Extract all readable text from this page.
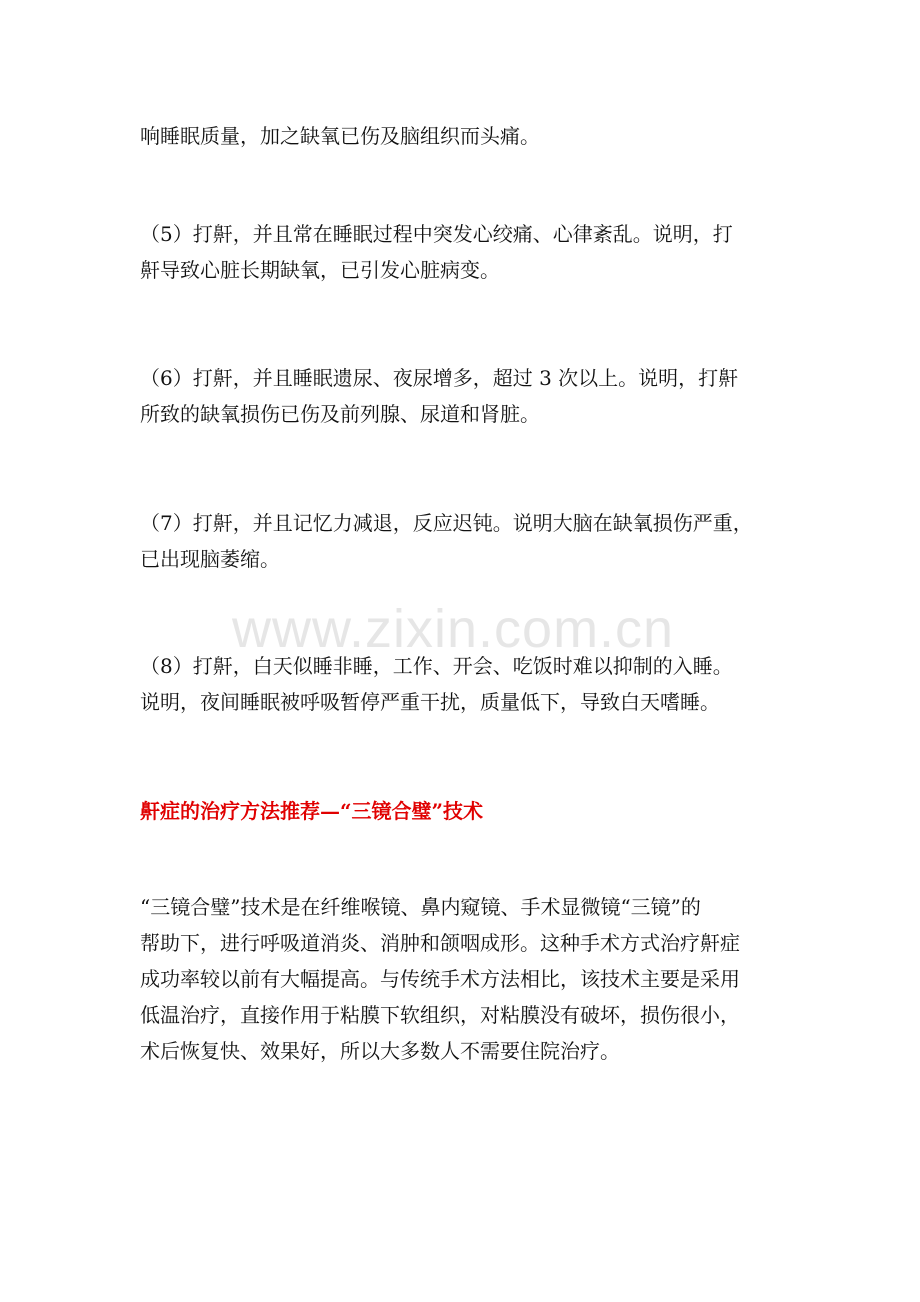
响睡眠质量，加之缺氧已伤及脑组织而头痛。

（5）打鼾，并且常在睡眠过程中突发心绞痛、心律紊乱。说明，打
鼾导致心脏长期缺氧，已引发心脏病变。

（6）打鼾，并且睡眠遗尿、夜尿增多，超过 3 次以上。说明，打鼾
所致的缺氧损伤已伤及前列腺、尿道和肾脏。

（7）打鼾，并且记忆力减退，反应迟钝。说明大脑在缺氧损伤严重，
已出现脑萎缩。

www.zixin.com.cn

（8）打鼾，白天似睡非睡，工作、开会、吃饭时难以抑制的入睡。
说明，夜间睡眠被呼吸暂停严重干扰，质量低下，导致白天嗜睡。

鼾症的治疗方法推荐—“三镜合璧”技术

“三镜合璧”技术是在纤维喉镜、鼻内窥镜、手术显微镜“三镜”的
帮助下，进行呼吸道消炎、消肿和颌咽成形。这种手术方式治疗鼾症
成功率较以前有大幅提高。与传统手术方法相比，该技术主要是采用
低温治疗，直接作用于粘膜下软组织，对粘膜没有破坏，损伤很小，
术后恢复快、效果好，所以大多数人不需要住院治疗。
